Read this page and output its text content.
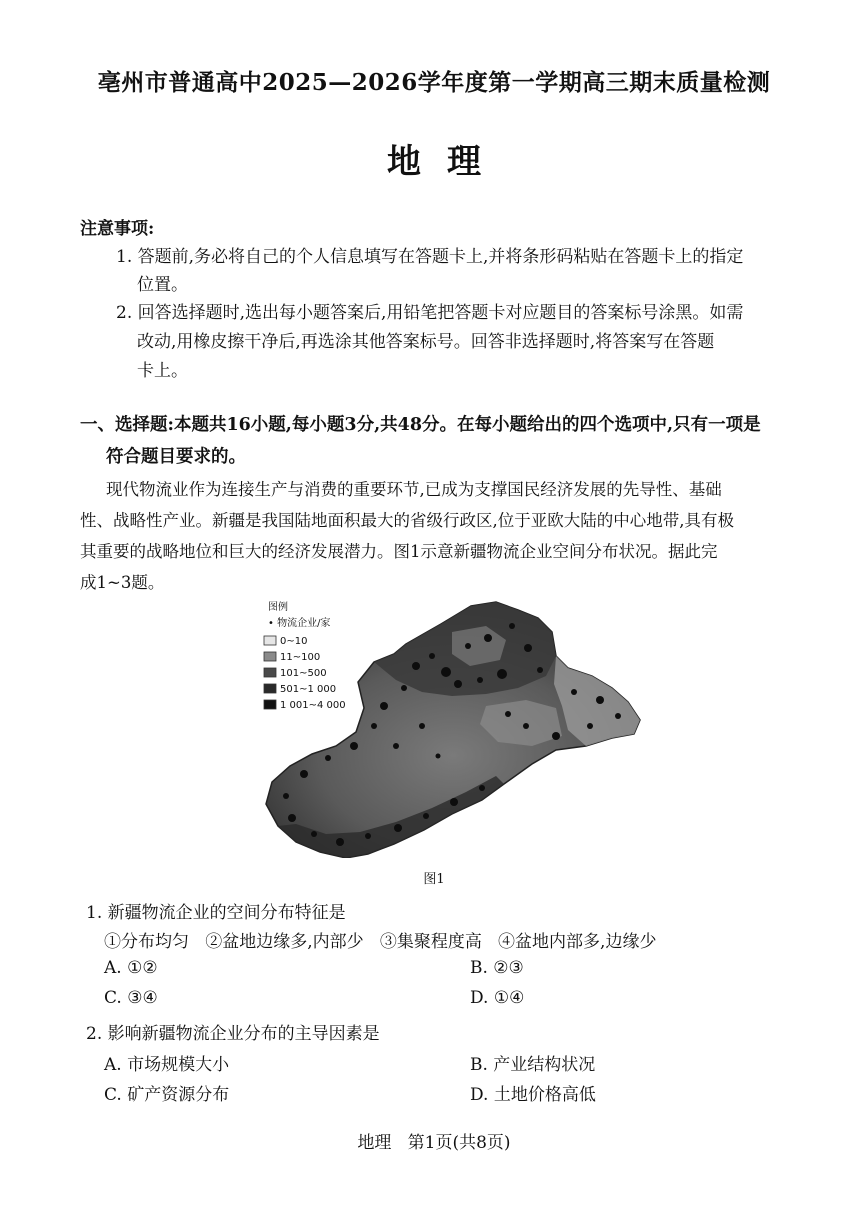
亳州市普通高中2025—2026学年度第一学期高三期末质量检测
地理
注意事项:
1. 答题前,务必将自己的个人信息填写在答题卡上,并将条形码粘贴在答题卡上的指定
位置。
2. 回答选择题时,选出每小题答案后,用铅笔把答题卡对应题目的答案标号涂黑。如需
改动,用橡皮擦干净后,再选涂其他答案标号。回答非选择题时,将答案写在答题
卡上。
一、选择题:本题共16小题,每小题3分,共48分。在每小题给出的四个选项中,只有一项是
符合题目要求的。
现代物流业作为连接生产与消费的重要环节,已成为支撑国民经济发展的先导性、基础
性、战略性产业。新疆是我国陆地面积最大的省级行政区,位于亚欧大陆的中心地带,具有极
其重要的战略地位和巨大的经济发展潜力。图1示意新疆物流企业空间分布状况。据此完
成1~3题。
图例
• 物流企业/家
0~10
11~100
101~500
501~1 000
1 001~4 000
图1
1. 新疆物流企业的空间分布特征是
①分布均匀   ②盆地边缘多,内部少   ③集聚程度高   ④盆地内部多,边缘少
A. ①②	B. ②③
C. ③④	D. ①④
2. 影响新疆物流企业分布的主导因素是
A. 市场规模大小	B. 产业结构状况
C. 矿产资源分布	D. 土地价格高低
地理   第1页(共8页)
